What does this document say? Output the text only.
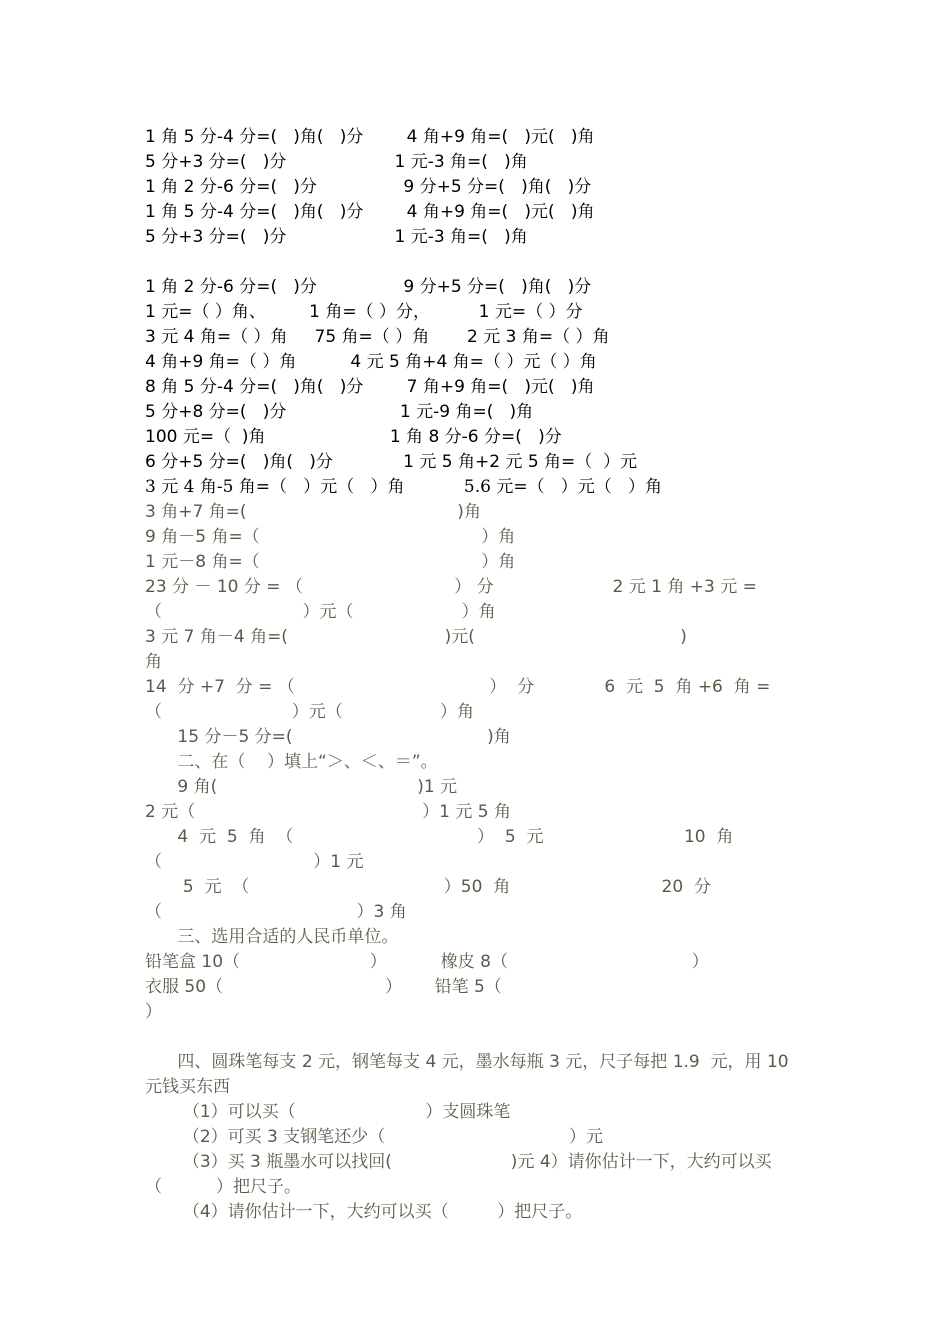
1 角 5 分-4 分=(   )角(   )分        4 角+9 角=(   )元(   )角
5 分+3 分=(   )分                    1 元-3 角=(   )角
1 角 2 分-6 分=(   )分                9 分+5 分=(   )角(   )分
1 角 5 分-4 分=(   )角(   )分        4 角+9 角=(   )元(   )角
5 分+3 分=(   )分                    1 元-3 角=(   )角
1 角 2 分-6 分=(   )分                9 分+5 分=(   )角(   )分
1 元=（ ）角、        1 角=（ ）分，         1 元=（ ）分
3 元 4 角=（ ）角     75 角=（ ）角       2 元 3 角=（ ）角
4 角+9 角=（ ）角          4 元 5 角+4 角=（ ）元（ ）角
8 角 5 分-4 分=(   )角(   )分        7 角+9 角=(   )元(   )角
5 分+8 分=(   )分                     1 元-9 角=(   )角
100 元=（  )角                       1 角 8 分-6 分=(   )分
6 分+5 分=(   )角(   )分             1 元 5 角+2 元 5 角=（  ）元
3 元 4 角-5 角=（   ）元（   ）角           5.6 元=（   ）元（   ）角
3 角+7 角=(                                       )角
9 角－5 角=（                                         ）角
1 元－8 角=（                                         ）角
23 分 － 10 分 = （                            ） 分                      2 元 1 角 +3 元 =
（                          ）元（                    ）角
3 元 7 角－4 角=(                             )元(                                      )
角
14  分 +7  分 = （                                    ）  分             6  元  5  角 +6  角 =
（                        ）元（                  ）角
15 分－5 分=(                                    )角
二、在（    ）填上“＞、＜、＝”。
9 角(                                     )1 元
2 元（                                          ）1 元 5 角
4  元  5  角  （                                  ）  5  元                          10  角
（                            ）1 元
5  元  （                                    ）50  角                            20  分
（                                    ）3 角
三、选用合适的人民币单位。
铅笔盒 10（                        ）          橡皮 8（                                  ）
衣服 50（                              ）      铅笔 5（
）
四、圆珠笔每支 2 元，钢笔每支 4 元，墨水每瓶 3 元，尺子每把 1.9  元，用 10
元钱买东西
（1）可以买（                        ）支圆珠笔
（2）可买 3 支钢笔还少（                                  ）元
（3）买 3 瓶墨水可以找回(                      )元 4）请你估计一下，大约可以买
（          ）把尺子。
（4）请你估计一下，大约可以买（         ）把尺子。
